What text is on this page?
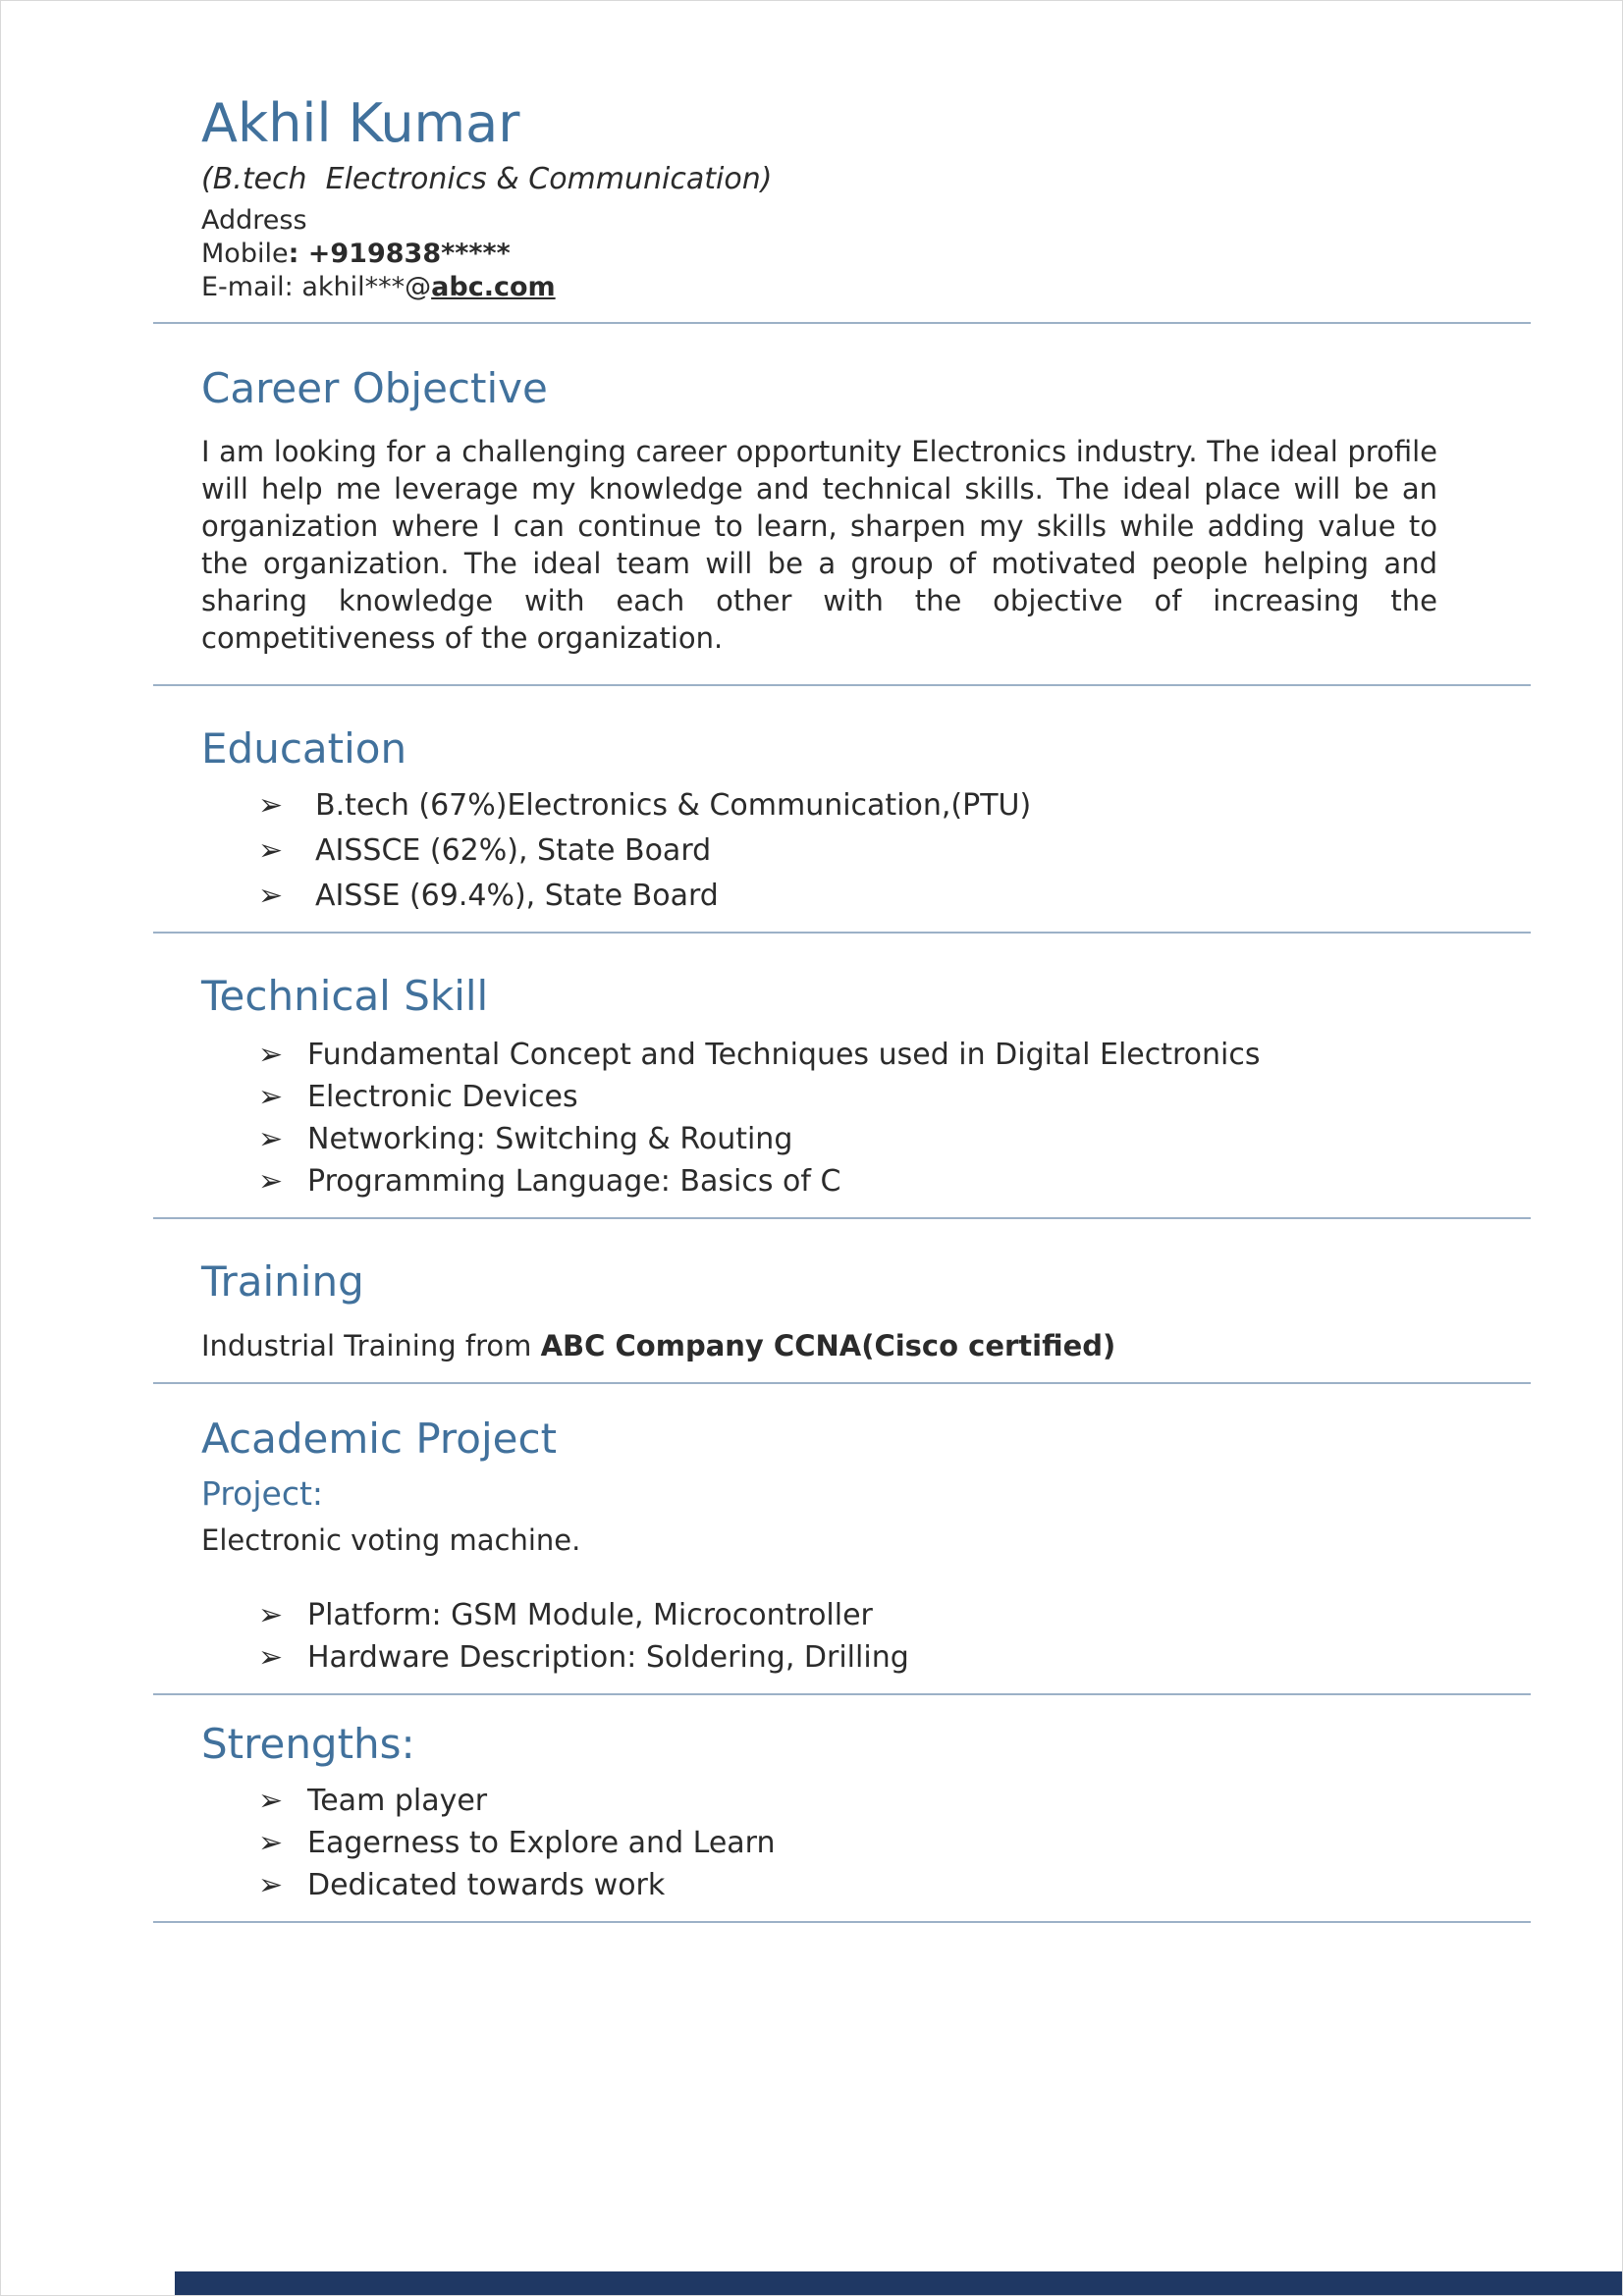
Akhil Kumar
(B.tech  Electronics & Communication)
Address
Mobile: +919838*****
E-mail: akhil***@abc.com
Career Objective

I am looking for a challenging career opportunity Electronics industry. The ideal profile will help me leverage my knowledge and technical skills. The ideal place will be an organization where I can continue to learn, sharpen my skills while adding value to the organization. The ideal team will be a group of motivated people helping and sharing knowledge with each other with the objective of increasing the competitiveness of the organization.

Education
➢	B.tech (67%)Electronics & Communication,(PTU)
➢	AISSCE (62%), State Board
➢	AISSE (69.4%), State Board
Technical Skill
➢ Fundamental Concept and Techniques used in Digital Electronics
➢ Electronic Devices
➢ Networking: Switching & Routing
➢ Programming Language: Basics of C
Training

Industrial Training from ABC Company CCNA(Cisco certified)

Academic Project
Project:

Electronic voting machine.

➢ Platform: GSM Module, Microcontroller
➢ Hardware Description: Soldering, Drilling
Strengths:
➢ Team player
➢ Eagerness to Explore and Learn
➢ Dedicated towards work
